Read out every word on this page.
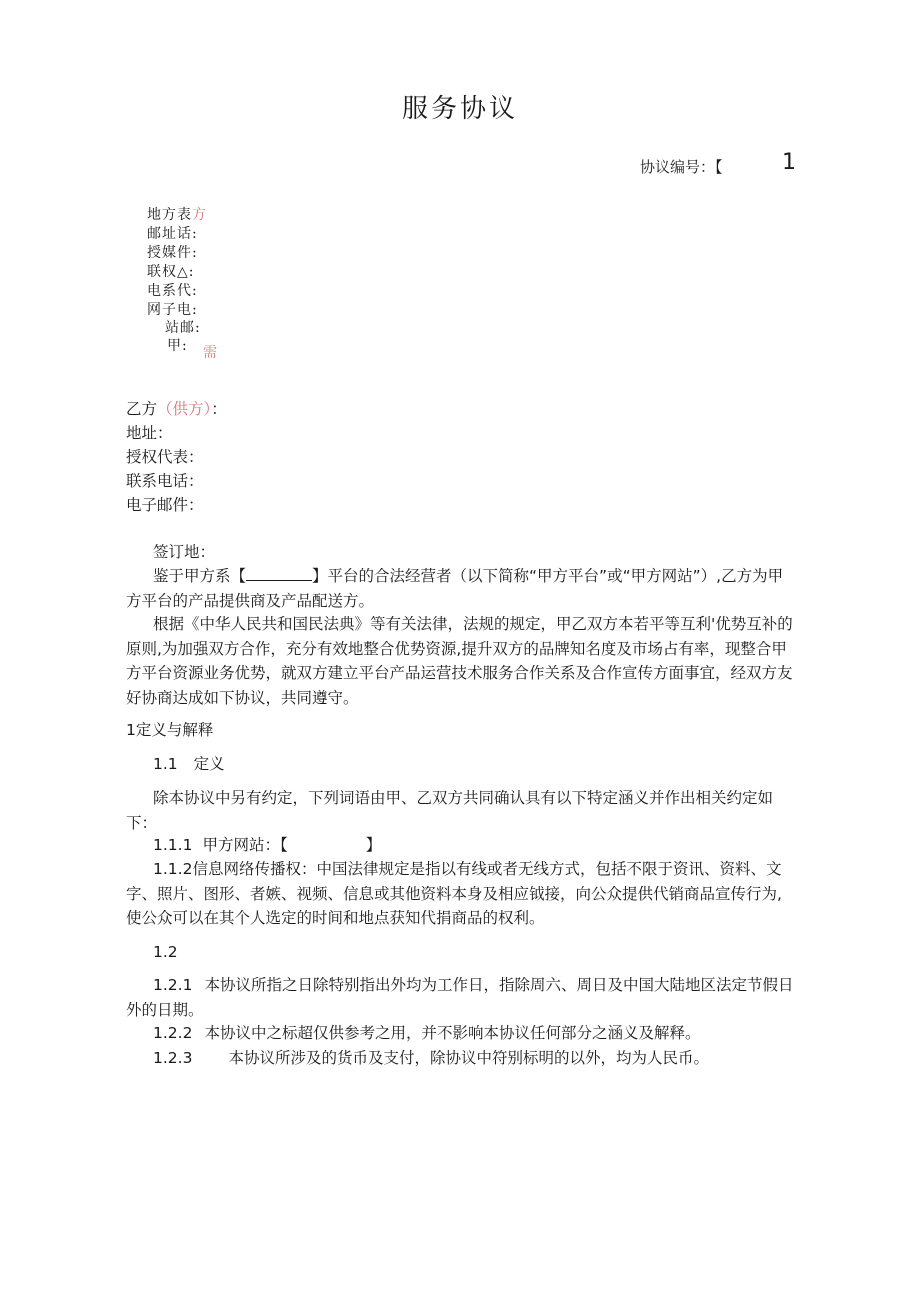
服务协议
协议编号：【	1
地方表方
邮址话:
授媒件:
联权△:
电系代:
网子电:
站邮:
甲: 需
乙方（供方）：
地址：
授权代表：
联系电话：
电子邮件：
签订地：
鉴于甲方系【	】平台的合法经营者（以下简称“甲方平台”或“甲方网站”）,乙方为甲方平台的产品提供商及产品配送方。
根据《中华人民共和国民法典》等有关法律，法规的规定，甲乙双方本若平等互利'优势互补的原则,为加强双方合作，充分有效地整合优势资源,提升双方的品牌知名度及市场占有率，现整合甲方平台资源业务优势，就双方建立平台产品运营技术服务合作关系及合作宣传方面事宜，经双方友好协商达成如下协议，共同遵守。
1定义与解释
1.1 定义
除本协议中另有约定，下列词语由甲、乙双方共同确认具有以下特定涵义并作出相关约定如下：
1.1.1 甲方网站：【	】
1.1.2信息网络传播权：中国法律规定是指以有线或者无线方式，包括不限于资讯、资料、文字、照片、图形、者嫉、视频、信息或其他资料本身及相应钺接，向公众提供代销商品宣传行为,使公众可以在其个人选定的时间和地点获知代捐商品的权利。
1.2
1.2.1 本协议所指之日除特别指出外均为工作日，指除周六、周日及中国大陆地区法定节假日外的日期。
1.2.2 本协议中之标超仅供参考之用，并不影响本协议任何部分之涵义及解释。
1.2.3 本协议所涉及的货币及支付，除协议中符别标明的以外，均为人民币。
